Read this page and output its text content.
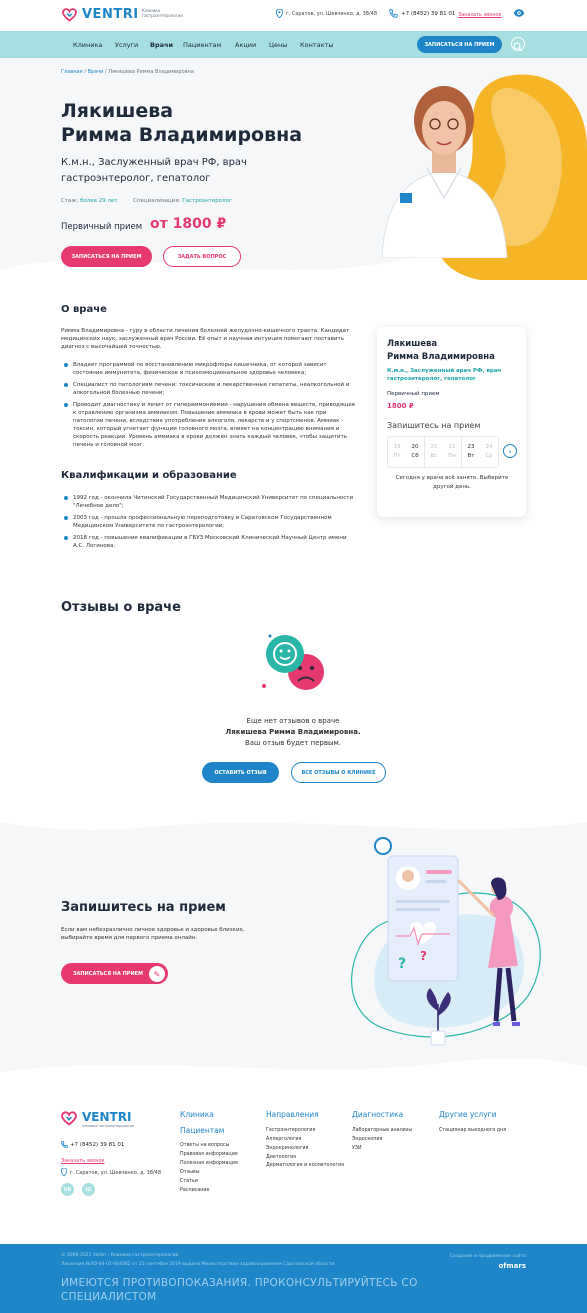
VENTRI Клиника гастроэнтерологии	г. Саратов, ул. Шевченко, д. 38/48	+7 (8452) 39 81 01 Заказать звонок
Клиника Услуги Врачи Пациентам Акции Цены Контакты	ЗАПИСАТЬСЯ НА ПРИЕМ
Главная / Врачи / Лякишева Римма Владимировна
Лякишева
Римма Владимировна
К.м.н., Заслуженный врач РФ, врач гастроэнтеролог, гепатолог
Стаж: более 29 лет	Специализация: Гастроэнтеролог
Первичный прием от 1800 ₽
ЗАПИСАТЬСЯ НА ПРИЕМ	ЗАДАТЬ ВОПРОС
О враче
Римма Владимировна - гуру в области лечения болезней желудочно-кишечного тракта. Кандидат медицинских наук, заслуженный врач России. Её опыт и научная интуиция помогают поставить диагноз с высочайшей точностью.
Владеет программой по восстановлению микрофлоры кишечника, от которой зависит состояние иммунитета, физическое и психоэмоциональное здоровье человека;
Специалист по патологиям печени: токсические и лекарственные гепатиты, неалкогольной и алкогольной болезнью печени;
Проводит диагностику и лечит от гипераммониемии - нарушения обмена веществ, приводящее к отравлению организма аммиаком. Повышение аммиака в крови может быть как при патологии печени, вследствие употребления алкоголя, лекарств и у спортсменов. Аммиак - токсин, который угнетает функции головного мозга, влияет на концентрацию внимания и скорость реакции. Уровень аммиака в крови должен знать каждый человек, чтобы защитить печень и головной мозг.
Квалификации и образование
1992 год - окончила Читинский Государственный Медицинский Университет по специальности "Лечебное дело";
2003 год - прошла профессиональную переподготовку в Саратовском Государственном Медицинском Университете по гастроэнтерологии;
2018 год - повышение квалификации в ГБУЗ Московский Клинический Научный Центр имени А.С. Логинова.
Лякишева
Римма Владимировна
К.м.н., Заслуженный врач РФ, врач гастроэнтеролог, гепатолог
Первичный прием
1800 ₽
Запишитесь на прием
19
Пт
20
Сб
21
Вс
22
Пн
23
Вт
24
Ср
›
Сегодня у врача всё занято. Выберите другой день.
Отзывы о враче
Еще нет отзывов о враче
Лякишева Римма Владимировна.
Ваш отзыв будет первым.
ОСТАВИТЬ ОТЗЫВ	ВСЕ ОТЗЫВЫ О КЛИНИКЕ
Запишитесь на прием
Если вам небезразлично личное здоровье и здоровье близких, выбирайте время для первого приема онлайн.
ЗАПИСАТЬСЯ НА ПРИЕМ	✎
? ?
VENTRI
клиника гастроэнтерологии
+7 (8452) 39 81 01
Заказать звонок
г. Саратов, ул. Шевченко, д. 38/48
VK	IG
Клиника
Пациентам
Ответы на вопросы
Правовая информация
Полезная информация
Отзывы
Статьи
Расписание
Направления
Гастроэнтерология
Аллергология
Эндокринология
Диетология
Дерматология и косметология
Диагностика
Лабораторные анализы
Эндоскопия
УЗИ
Другие услуги
Стационар выходного дня
© 2006-2021 Ventri - Клиника гастроэнтерологии
Лицензия №ЛО-64-01-004382 от 23 сентября 2019 выдана Министерством здравоохранения Саратовской области.
ИМЕЮТСЯ ПРОТИВОПОКАЗАНИЯ. ПРОКОНСУЛЬТИРУЙТЕСЬ СО СПЕЦИАЛИСТОМ
Создание и продвижение сайта
ofmars
